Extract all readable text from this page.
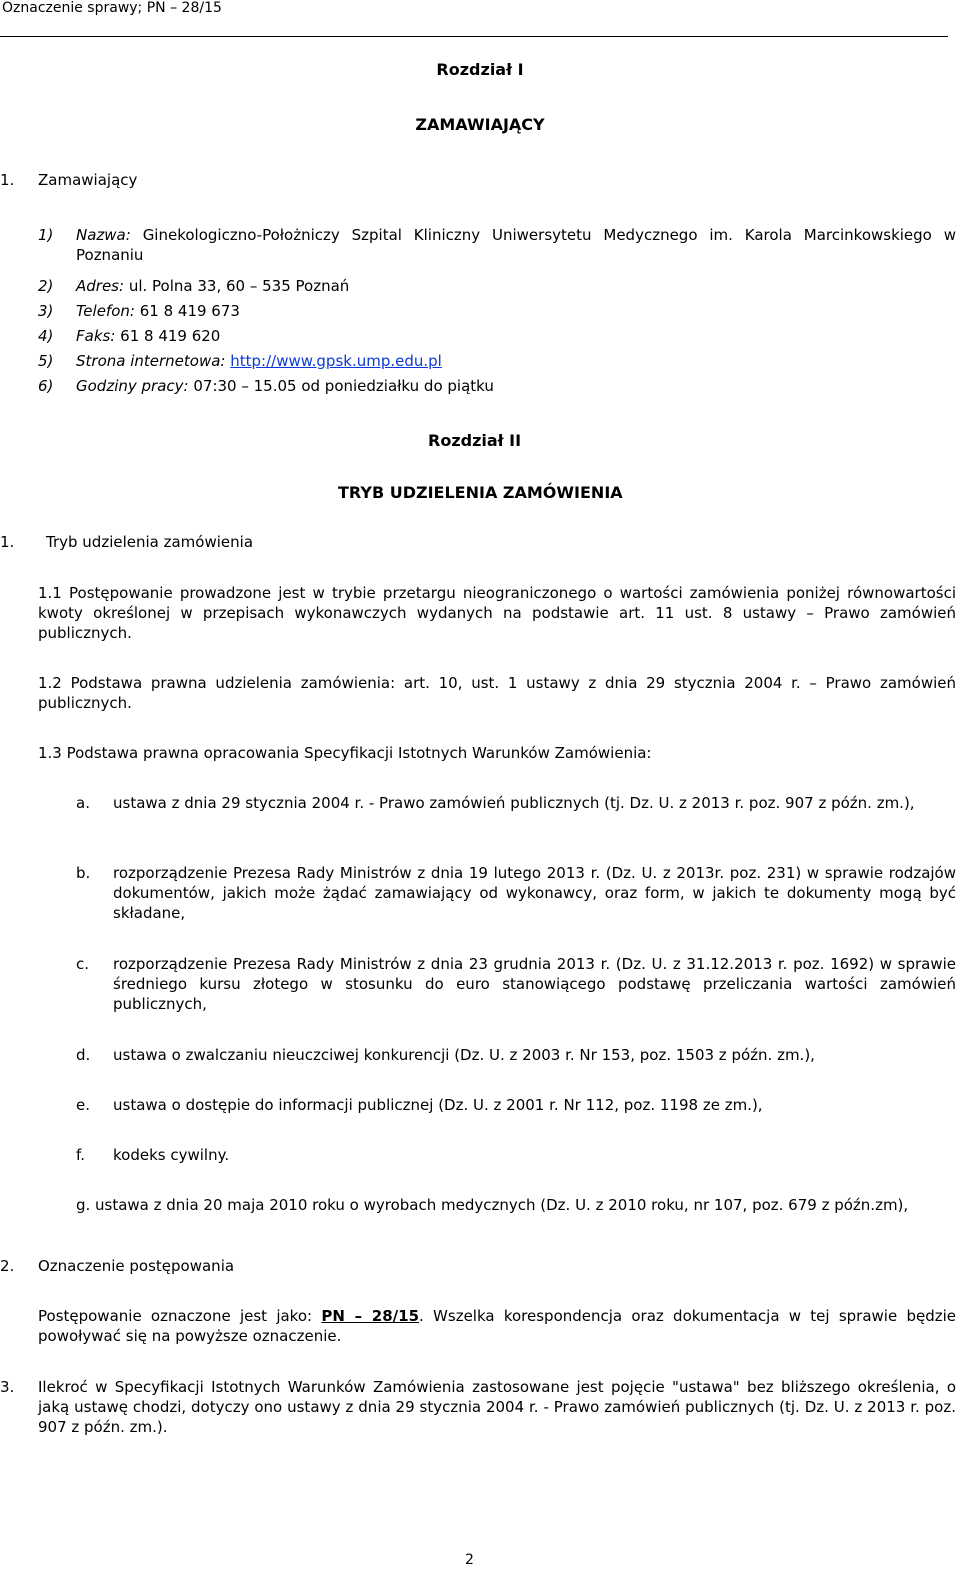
Oznaczenie sprawy; PN – 28/15
Rozdział I
ZAMAWIAJĄCY
1. Zamawiający
1) Nazwa: Ginekologiczno-Położniczy Szpital Kliniczny Uniwersytetu Medycznego im. Karola Marcinkowskiego w Poznaniu
2) Adres: ul. Polna 33, 60 – 535 Poznań
3) Telefon: 61 8 419 673
4) Faks: 61 8 419 620
5) Strona internetowa: http://www.gpsk.ump.edu.pl
6) Godziny pracy: 07:30 – 15.05 od poniedziałku do piątku
Rozdział II
TRYB UDZIELENIA ZAMÓWIENIA
1. Tryb udzielenia zamówienia
1.1 Postępowanie prowadzone jest w trybie przetargu nieograniczonego o wartości zamówienia poniżej równowartości kwoty określonej w przepisach wykonawczych wydanych na podstawie art. 11 ust. 8 ustawy – Prawo zamówień publicznych.
1.2 Podstawa prawna udzielenia zamówienia: art. 10, ust. 1 ustawy z dnia 29 stycznia 2004 r. – Prawo zamówień publicznych.
1.3 Podstawa prawna opracowania Specyfikacji Istotnych Warunków Zamówienia:
a. ustawa z dnia 29 stycznia 2004 r. - Prawo zamówień publicznych (tj. Dz. U. z 2013 r. poz. 907 z późn. zm.),
b. rozporządzenie Prezesa Rady Ministrów z dnia 19 lutego 2013 r. (Dz. U. z 2013r. poz. 231) w sprawie rodzajów dokumentów, jakich może żądać zamawiający od wykonawcy, oraz form, w jakich te dokumenty mogą być składane,
c. rozporządzenie Prezesa Rady Ministrów z dnia 23 grudnia 2013 r. (Dz. U. z 31.12.2013 r. poz. 1692) w sprawie średniego kursu złotego w stosunku do euro stanowiącego podstawę przeliczania wartości zamówień publicznych,
d. ustawa o zwalczaniu nieuczciwej konkurencji (Dz. U. z 2003 r. Nr 153, poz. 1503 z późn. zm.),
e. ustawa o dostępie do informacji publicznej (Dz. U. z 2001 r. Nr 112, poz. 1198 ze zm.),
f. kodeks cywilny.
g. ustawa z dnia 20 maja 2010 roku o wyrobach medycznych (Dz. U. z 2010 roku, nr 107, poz. 679 z późn.zm),
2. Oznaczenie postępowania
Postępowanie oznaczone jest jako: PN – 28/15. Wszelka korespondencja oraz dokumentacja w tej sprawie będzie powoływać się na powyższe oznaczenie.
3. Ilekroć w Specyfikacji Istotnych Warunków Zamówienia zastosowane jest pojęcie "ustawa" bez bliższego określenia, o jaką ustawę chodzi, dotyczy ono ustawy z dnia 29 stycznia 2004 r. - Prawo zamówień publicznych (tj. Dz. U. z 2013 r. poz. 907 z późn. zm.).
2
